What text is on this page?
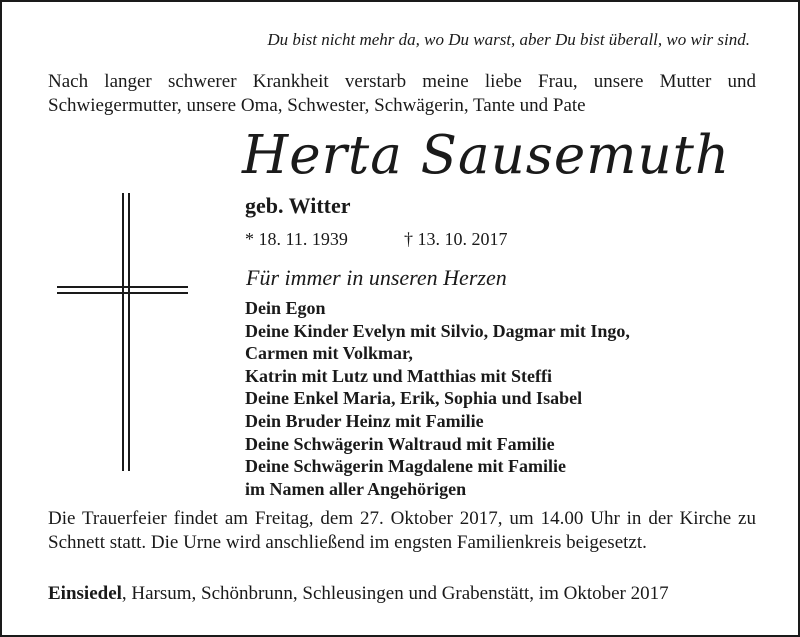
Du bist nicht mehr da, wo Du warst, aber Du bist überall, wo wir sind.
Nach langer schwerer Krankheit verstarb meine liebe Frau, unsere Mutter und Schwiegermutter, unsere Oma, Schwester, Schwägerin, Tante und Pate
Herta Sausemuth
geb. Witter
* 18. 11. 1939	† 13. 10. 2017
Für immer in unseren Herzen
Dein Egon
Deine Kinder Evelyn mit Silvio, Dagmar mit Ingo,
Carmen mit Volkmar,
Katrin mit Lutz und Matthias mit Steffi
Deine Enkel Maria, Erik, Sophia und Isabel
Dein Bruder Heinz mit Familie
Deine Schwägerin Waltraud mit Familie
Deine Schwägerin Magdalene mit Familie
im Namen aller Angehörigen
Die Trauerfeier findet am Freitag, dem 27. Oktober 2017, um 14.00 Uhr in der Kirche zu Schnett statt. Die Urne wird anschließend im engsten Familienkreis beigesetzt.
Einsiedel, Harsum, Schönbrunn, Schleusingen und Grabenstätt, im Oktober 2017
